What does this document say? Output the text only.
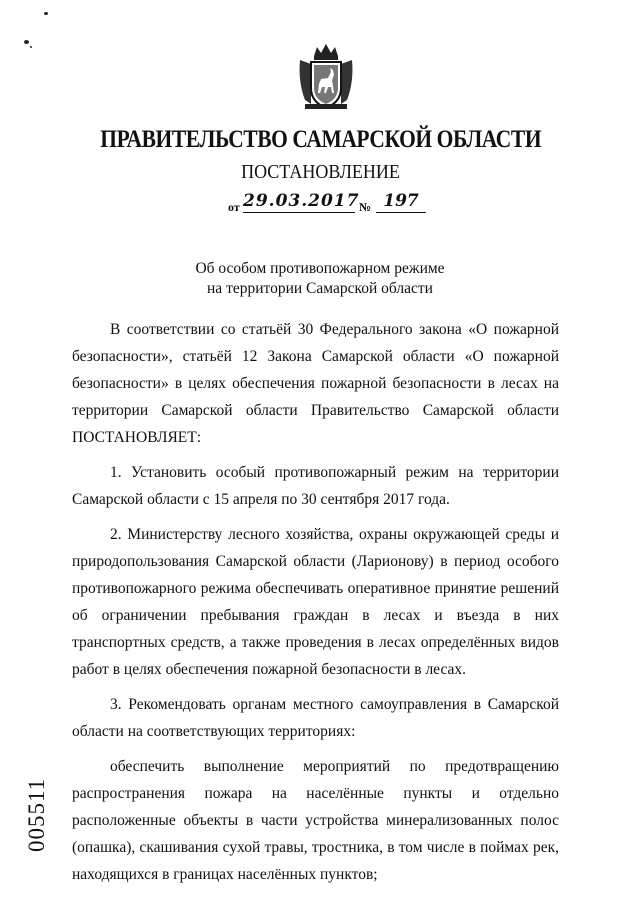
ПРАВИТЕЛЬСТВО САМАРСКОЙ ОБЛАСТИ
ПОСТАНОВЛЕНИЕ
от 29.03.2017 № 197
Об особом противопожарном режиме
на территории Самарской области

В соответствии со статьёй 30 Федерального закона «О пожарной безопасности», статьёй 12 Закона Самарской области «О пожарной безопасности» в целях обеспечения пожарной безопасности в лесах на территории Самарской области Правительство Самарской области ПОСТАНОВЛЯЕТ:

1. Установить особый противопожарный режим на территории Самарской области с 15 апреля по 30 сентября 2017 года.

2. Министерству лесного хозяйства, охраны окружающей среды и природопользования Самарской области (Ларионову) в период особого противопожарного режима обеспечивать оперативное принятие решений об ограничении пребывания граждан в лесах и въезда в них транспортных средств, а также проведения в лесах определённых видов работ в целях обеспечения пожарной безопасности в лесах.

3. Рекомендовать органам местного самоуправления в Самарской области на соответствующих территориях:

обеспечить выполнение мероприятий по предотвращению распространения пожара на населённые пункты и отдельно расположенные объекты в части устройства минерализованных полос (опашка), скашивания сухой травы, тростника, в том числе в поймах рек, находящихся в границах населённых пунктов;

005511
